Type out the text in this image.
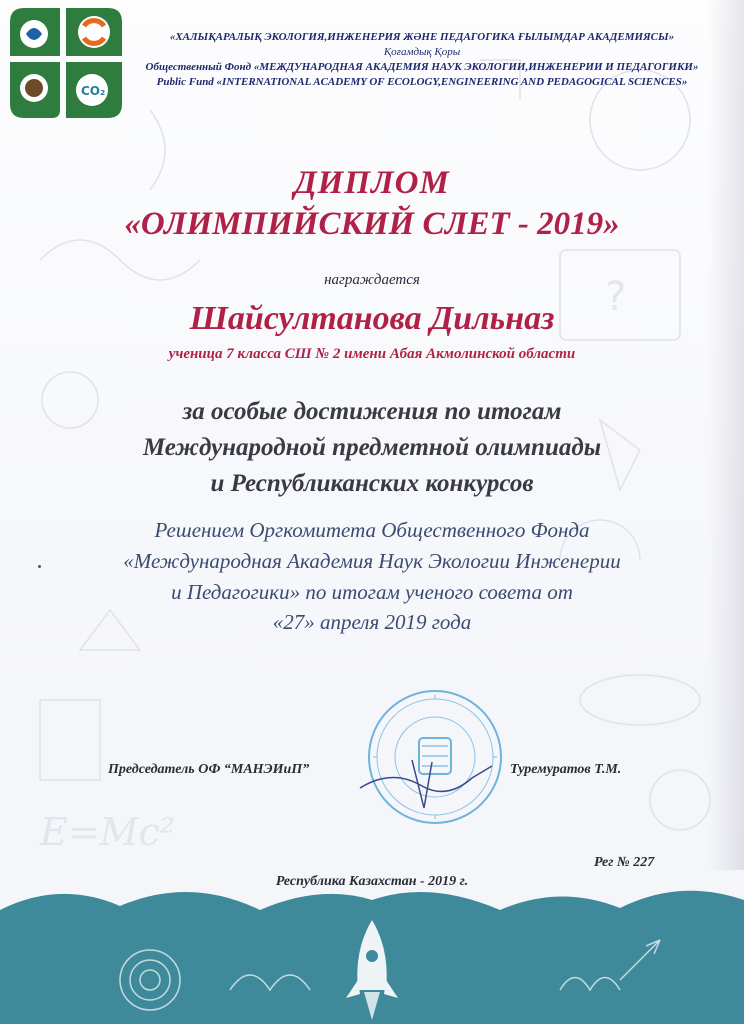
?
E=Mc²
CO₂
«ХАЛЫҚАРАЛЫҚ ЭКОЛОГИЯ,ИНЖЕНЕРИЯ ЖӘНЕ ПЕДАГОГИКА ҒЫЛЫМДАР АКАДЕМИЯСЫ»
Қоғамдық Қоры
Общественный Фонд «МЕЖДУНАРОДНАЯ АКАДЕМИЯ НАУК ЭКОЛОГИИ,ИНЖЕНЕРИИ И ПЕДАГОГИКИ»
Public Fund «INTERNATIONAL ACADEMY OF ECOLOGY,ENGINEERING AND PEDAGOGICAL SCIENCES»
ДИПЛОМ
«ОЛИМПИЙСКИЙ СЛЕТ - 2019»
награждается
Шайсултанова Дильназ
ученица 7 класса СШ № 2 имени Абая Акмолинской области
за особые достижения по итогам
Международной предметной олимпиады
и Республиканских конкурсов
Решением Оргкомитета Общественного Фонда
«Международная Академия Наук Экологии Инженерии
и Педагогики» по итогам ученого совета от
«27» апреля 2019 года
Председатель ОФ “МАНЭИиП”	Туремуратов Т.М.
Рег № 227
Республика Казахстан - 2019 г.
